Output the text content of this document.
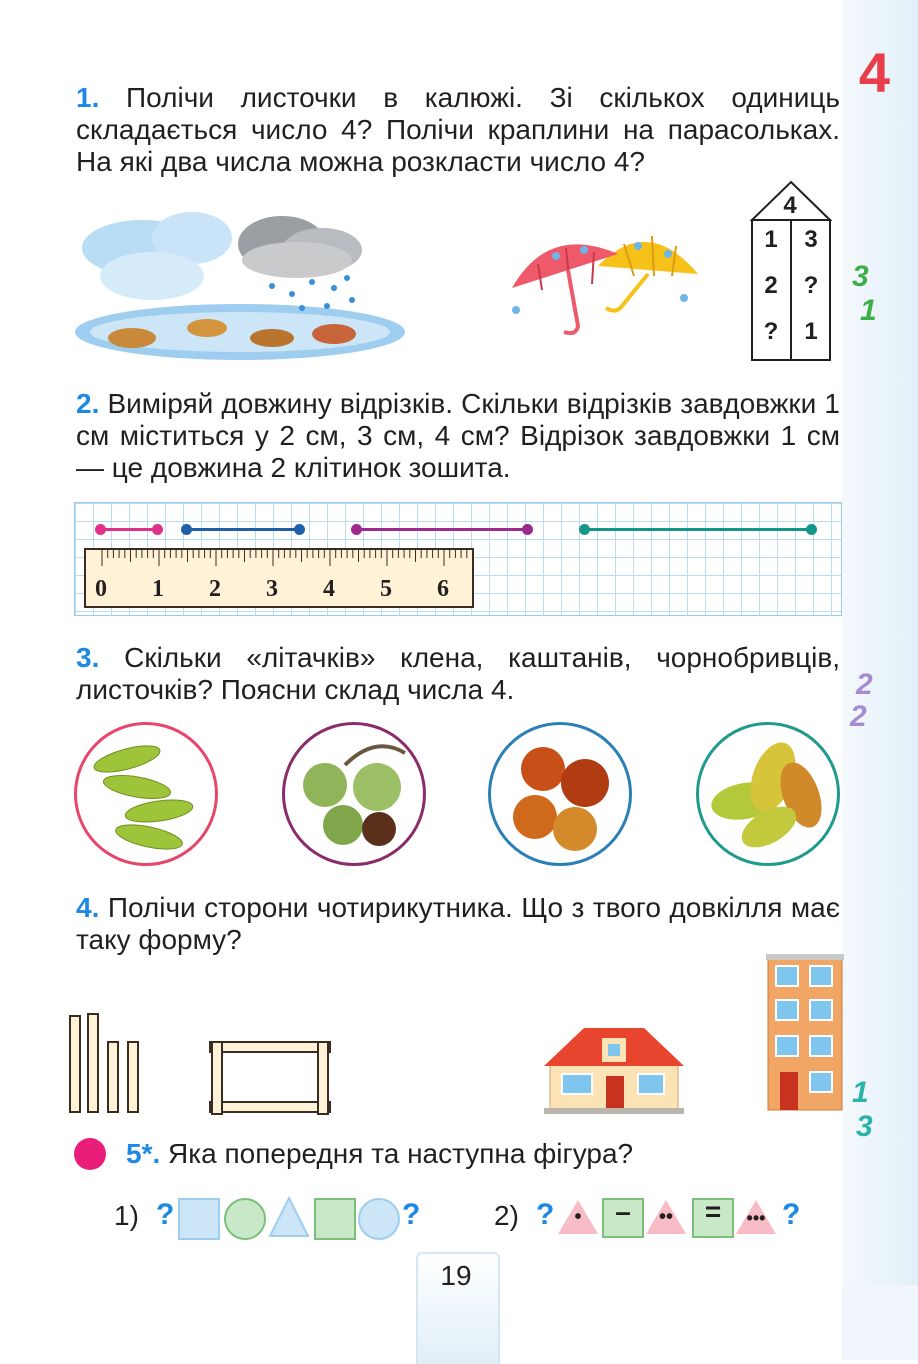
4
3
1
2
2
1
3
1. Полічи листочки в калюжі. Зі скількох одиниць складається число 4? Полічи краплини на парасольках. На які два числа можна розкласти число 4?
4
1	3
2	?
?	1
2. Виміряй довжину відрізків. Скільки відрізків завдовжки 1 см міститься у 2 см, 3 см, 4 см? Відрізок завдовжки 1 см — це довжина 2 клітинок зошита.
0 1 2 3 4 5 6
3. Скільки «літачків» клена, каштанів, чорнобривців, листочків? Поясни склад числа 4.
4. Полічи сторони чотирикутника. Що з твого довкілля має таку форму?
5*. Яка попередня та наступна фігура?
1) ?	?	2) ?	•	–	••	=	••• ?
19
